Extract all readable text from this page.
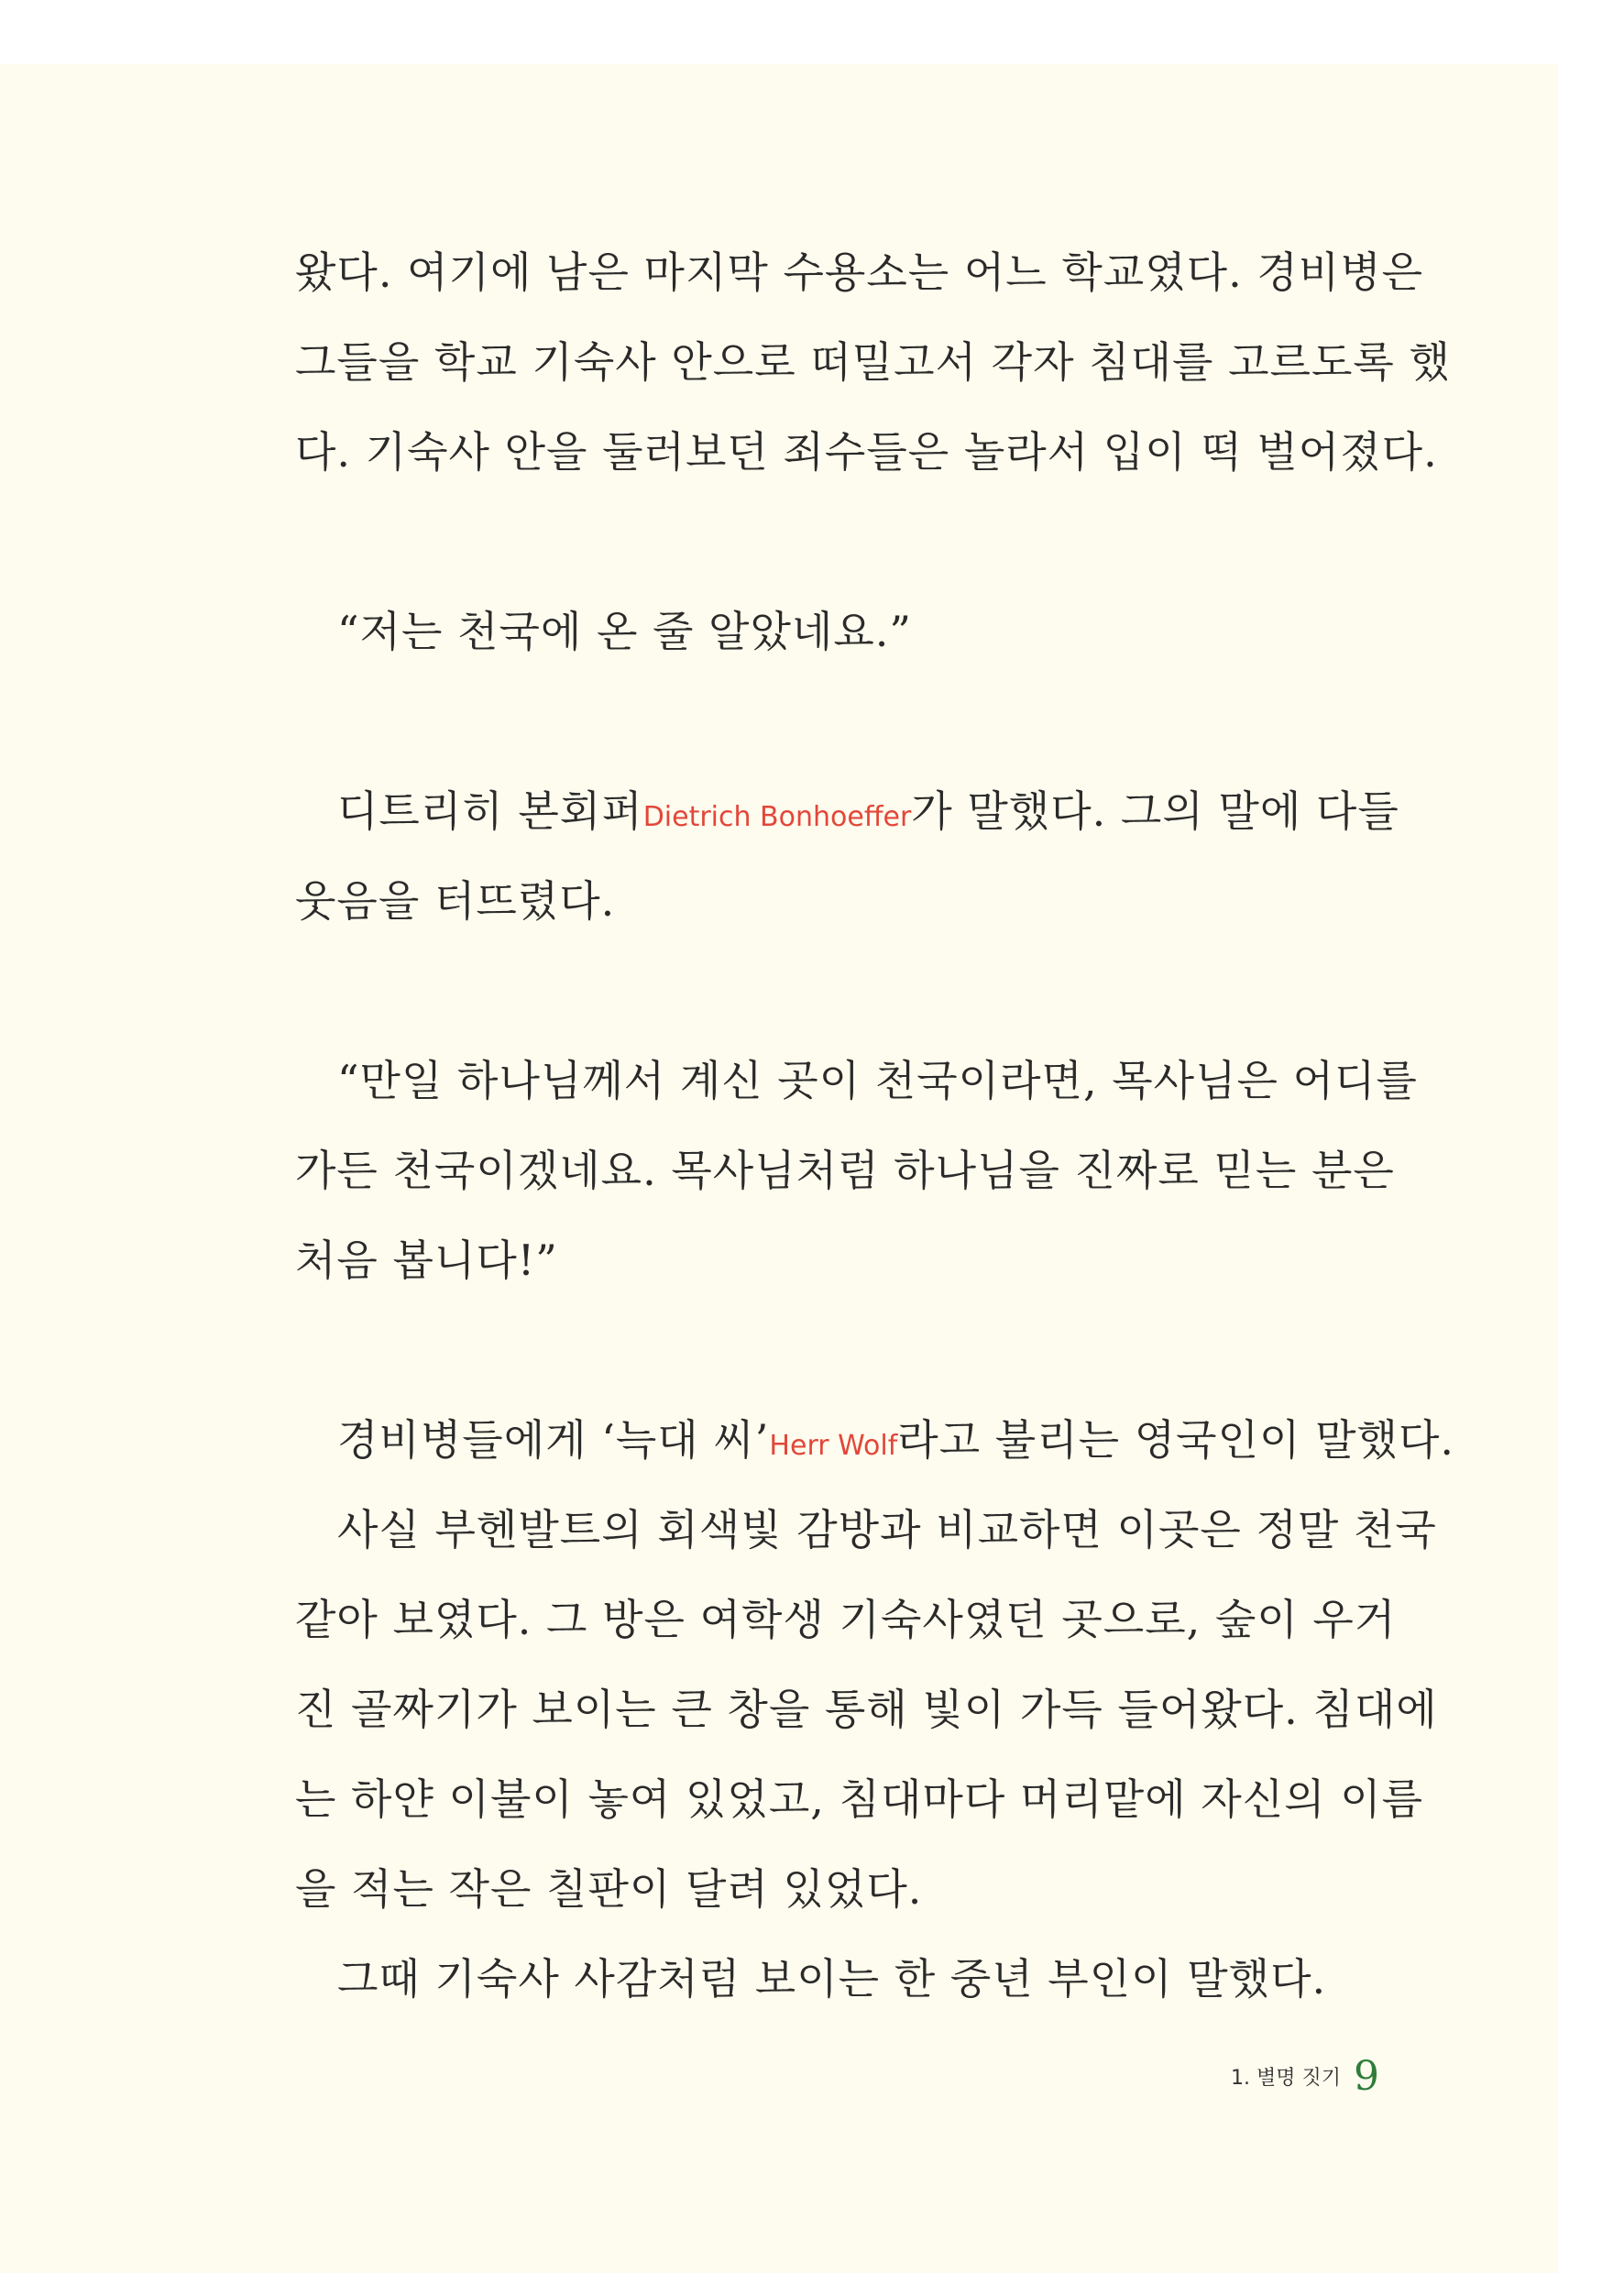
왔다. 여기에 남은 마지막 수용소는 어느 학교였다. 경비병은
그들을 학교 기숙사 안으로 떠밀고서 각자 침대를 고르도록 했
다. 기숙사 안을 둘러보던 죄수들은 놀라서 입이 떡 벌어졌다.
“저는 천국에 온 줄 알았네요.”
디트리히 본회퍼Dietrich Bonhoeffer가 말했다. 그의 말에 다들
웃음을 터뜨렸다.
“만일 하나님께서 계신 곳이 천국이라면, 목사님은 어디를
가든 천국이겠네요. 목사님처럼 하나님을 진짜로 믿는 분은
처음 봅니다!”
경비병들에게 ‘늑대 씨’Herr Wolf라고 불리는 영국인이 말했다.
사실 부헨발트의 회색빛 감방과 비교하면 이곳은 정말 천국
같아 보였다. 그 방은 여학생 기숙사였던 곳으로, 숲이 우거
진 골짜기가 보이는 큰 창을 통해 빛이 가득 들어왔다. 침대에
는 하얀 이불이 놓여 있었고, 침대마다 머리맡에 자신의 이름
을 적는 작은 칠판이 달려 있었다.
그때 기숙사 사감처럼 보이는 한 중년 부인이 말했다.
1. 별명 짓기 9
